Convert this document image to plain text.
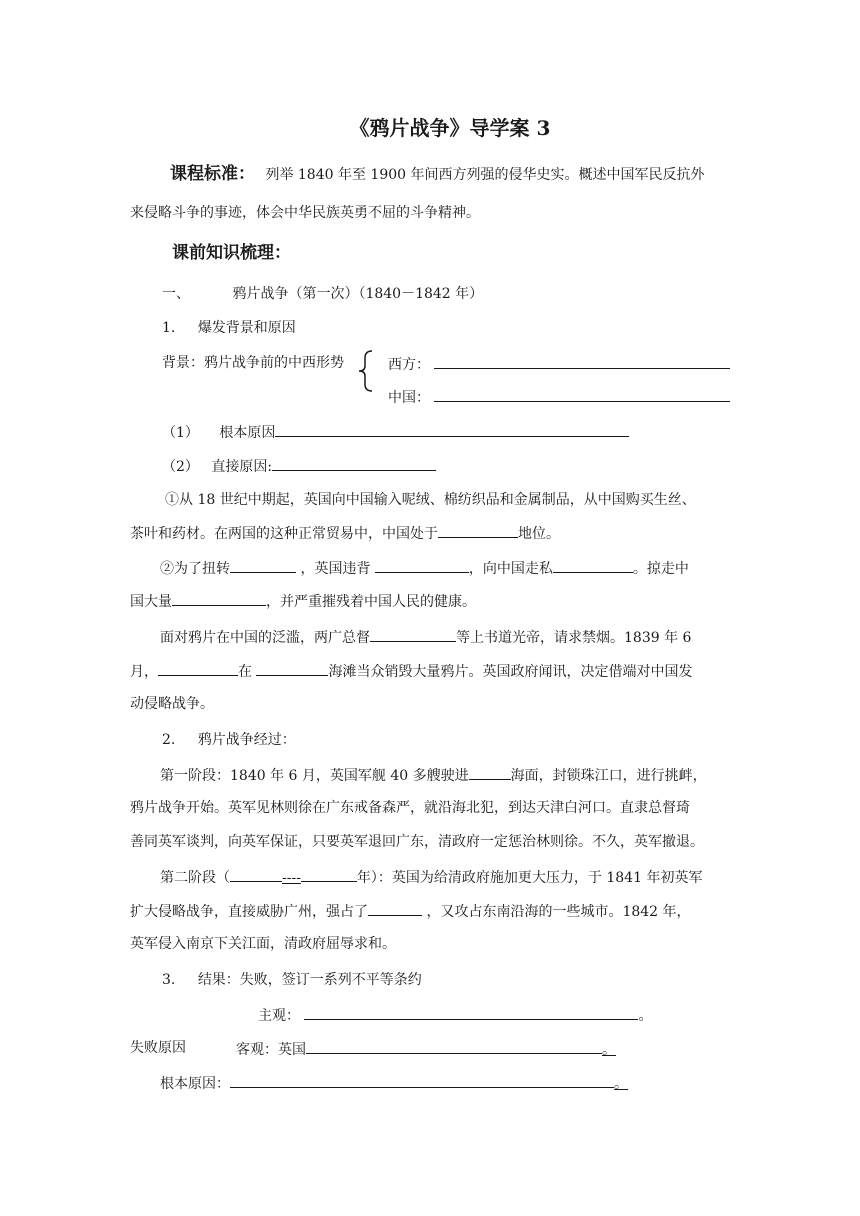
《鸦片战争》导学案 3
课程标准： 列举 1840 年至 1900 年间西方列强的侵华史实。概述中国军民反抗外
来侵略斗争的事迹，体会中华民族英勇不屈的斗争精神。
课前知识梳理：
一、	鸦片战争（第一次）（1840－1842 年）
1. 爆发背景和原因
背景：鸦片战争前的中西形势	西方：
中国：
（1） 根本原因
（2） 直接原因:
①从 18 世纪中期起，英国向中国输入呢绒、棉纺织品和金属制品，从中国购买生丝、
茶叶和药材。在两国的这种正常贸易中，中国处于	地位。
②为了扭转	，英国违背	，向中国走私	。掠走中
国大量	，并严重摧残着中国人民的健康。
面对鸦片在中国的泛滥，两广总督	等上书道光帝，请求禁烟。1839 年 6
月，	在	海滩当众销毁大量鸦片。英国政府闻讯，决定借端对中国发
动侵略战争。
2. 鸦片战争经过：
第一阶段：1840 年 6 月，英国军舰 40 多艘驶进	海面，封锁珠江口，进行挑衅，
鸦片战争开始。英军见林则徐在广东戒备森严，就沿海北犯，到达天津白河口。直隶总督琦
善同英军谈判，向英军保证，只要英军退回广东，清政府一定惩治林则徐。不久，英军撤退。
第二阶段（	----	年）：英国为给清政府施加更大压力，于 1841 年初英军
扩大侵略战争，直接威胁广州，强占了	，又攻占东南沿海的一些城市。1842 年，
英军侵入南京下关江面，清政府屈辱求和。
3. 结果：失败，签订一系列不平等条约
主观：	。
失败原因	客观：英国	。
根本原因：	。
